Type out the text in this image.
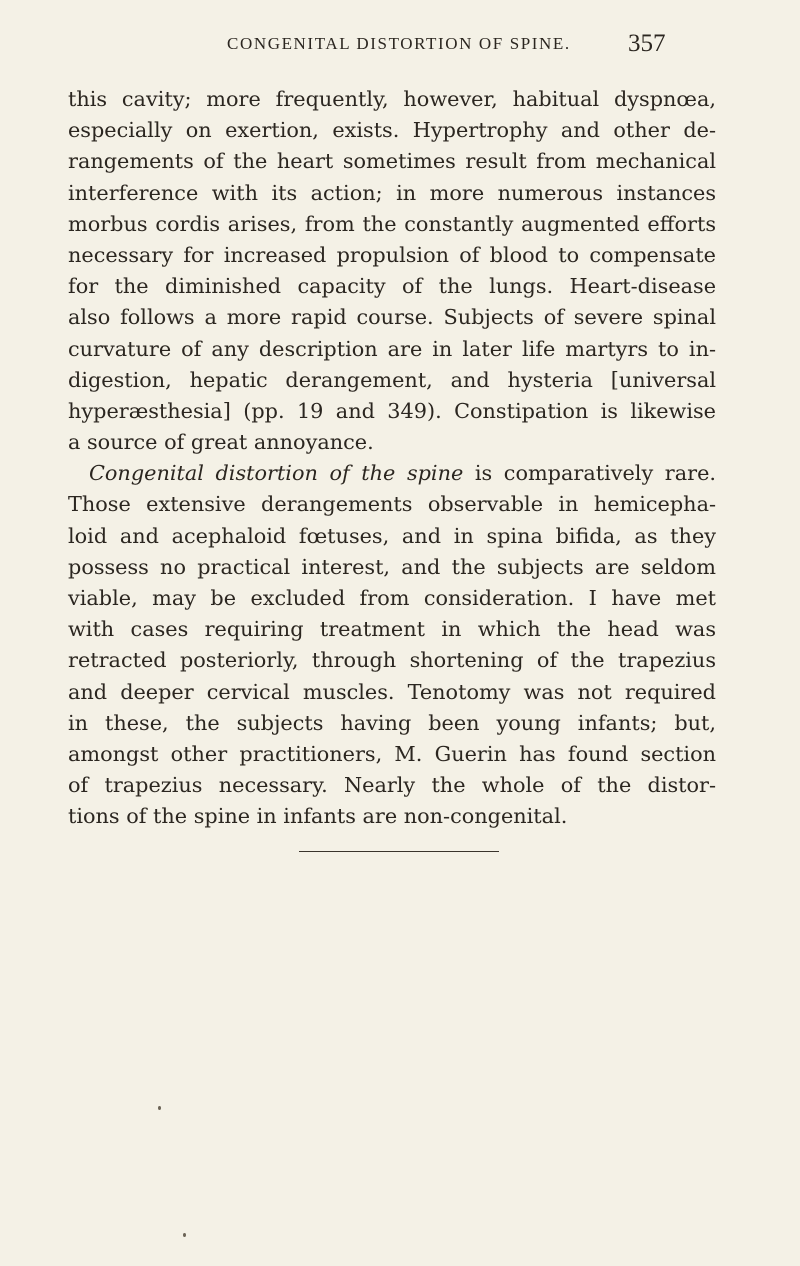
CONGENITAL DISTORTION OF SPINE. 357
this cavity; more frequently, however, habitual dyspnœa,
especially on exertion, exists. Hypertrophy and other de-
rangements of the heart sometimes result from mechanical
interference with its action; in more numerous instances
morbus cordis arises, from the constantly augmented efforts
necessary for increased propulsion of blood to compensate
for the diminished capacity of the lungs. Heart-disease
also follows a more rapid course. Subjects of severe spinal
curvature of any description are in later life martyrs to in-
digestion, hepatic derangement, and hysteria [universal
hyperæsthesia] (pp. 19 and 349). Constipation is likewise
a source of great annoyance.
Congenital distortion of the spine is comparatively rare.
Those extensive derangements observable in hemicepha-
loid and acephaloid fœtuses, and in spina bifida, as they
possess no practical interest, and the subjects are seldom
viable, may be excluded from consideration. I have met
with cases requiring treatment in which the head was
retracted posteriorly, through shortening of the trapezius
and deeper cervical muscles. Tenotomy was not required
in these, the subjects having been young infants; but,
amongst other practitioners, M. Guerin has found section
of trapezius necessary. Nearly the whole of the distor-
tions of the spine in infants are non-congenital.
